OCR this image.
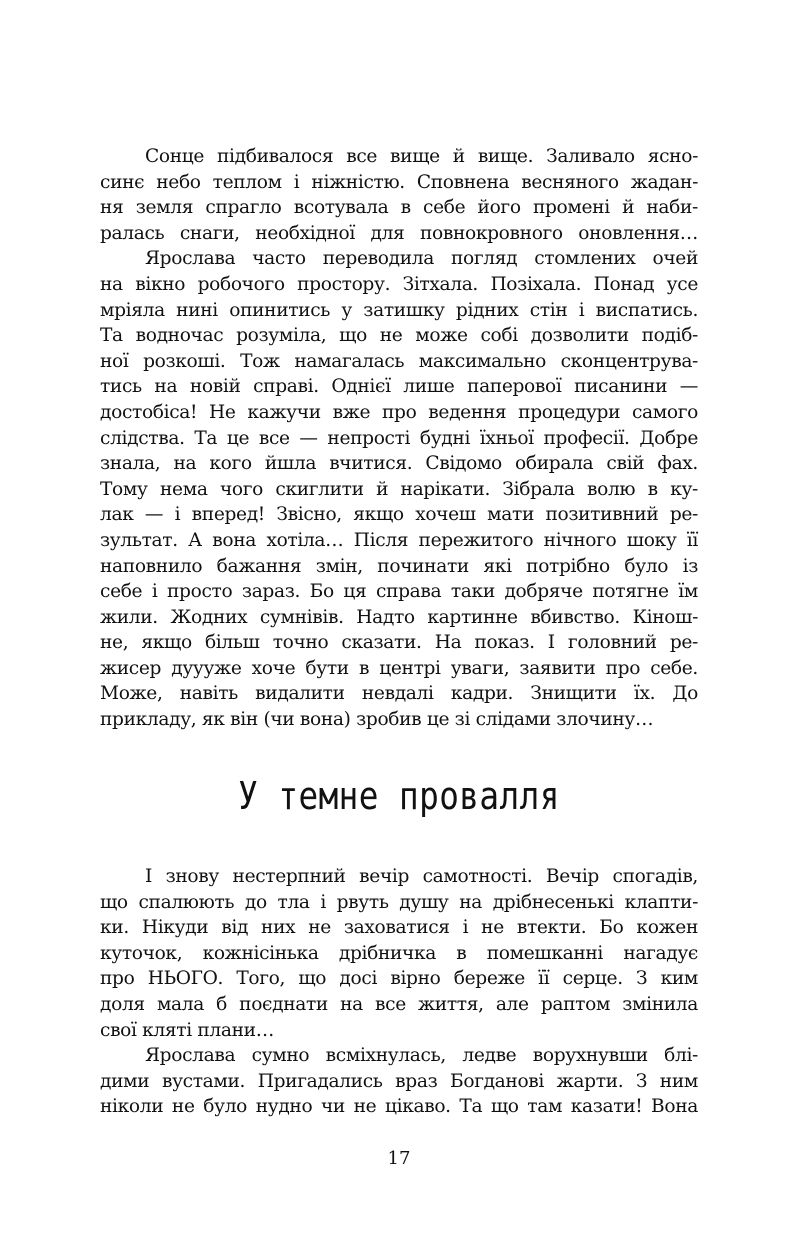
Сонце підбивалося все вище й вище. Заливало ясно-
синє небо теплом і ніжністю. Сповнена весняного жадан-
ня земля спрагло всотувала в себе його промені й наби-
ралась снаги, необхідної для повнокровного оновлення…
Ярослава часто переводила погляд стомлених очей
на вікно робочого простору. Зітхала. Позіхала. Понад усе
мріяла нині опинитись у затишку рідних стін і виспатись.
Та водночас розуміла, що не може собі дозволити подіб-
ної розкоші. Тож намагалась максимально сконцентрува-
тись на новій справі. Однієї лише паперової писанини —
достобіса! Не кажучи вже про ведення процедури самого
слідства. Та це все — непрості будні їхньої професії. Добре
знала, на кого йшла вчитися. Свідомо обирала свій фах.
Тому нема чого скиглити й нарікати. Зібрала волю в ку-
лак — і вперед! Звісно, якщо хочеш мати позитивний ре-
зультат. А вона хотіла… Після пережитого нічного шоку її
наповнило бажання змін, починати які потрібно було із
себе і просто зараз. Бо ця справа таки добряче потягне їм
жили. Жодних сумнівів. Надто картинне вбивство. Кінош-
не, якщо більш точно сказати. На показ. І головний ре-
жисер дуууже хоче бути в центрі уваги, заявити про себе.
Може, навіть видалити невдалі кадри. Знищити їх. До
прикладу, як він (чи вона) зробив це зі слідами злочину…
У темне провалля
І знову нестерпний вечір самотності. Вечір спогадів,
що спалюють до тла і рвуть душу на дрібнесенькі клапти-
ки. Нікуди від них не заховатися і не втекти. Бо кожен
куточок, кожнісінька дрібничка в помешканні нагадує
про НЬОГО. Того, що досі вірно береже її серце. З ким
доля мала б поєднати на все життя, але раптом змінила
свої кляті плани…
Ярослава сумно всміхнулась, ледве ворухнувши блі-
дими вустами. Пригадались враз Богданові жарти. З ним
ніколи не було нудно чи не цікаво. Та що там казати! Вона
17
